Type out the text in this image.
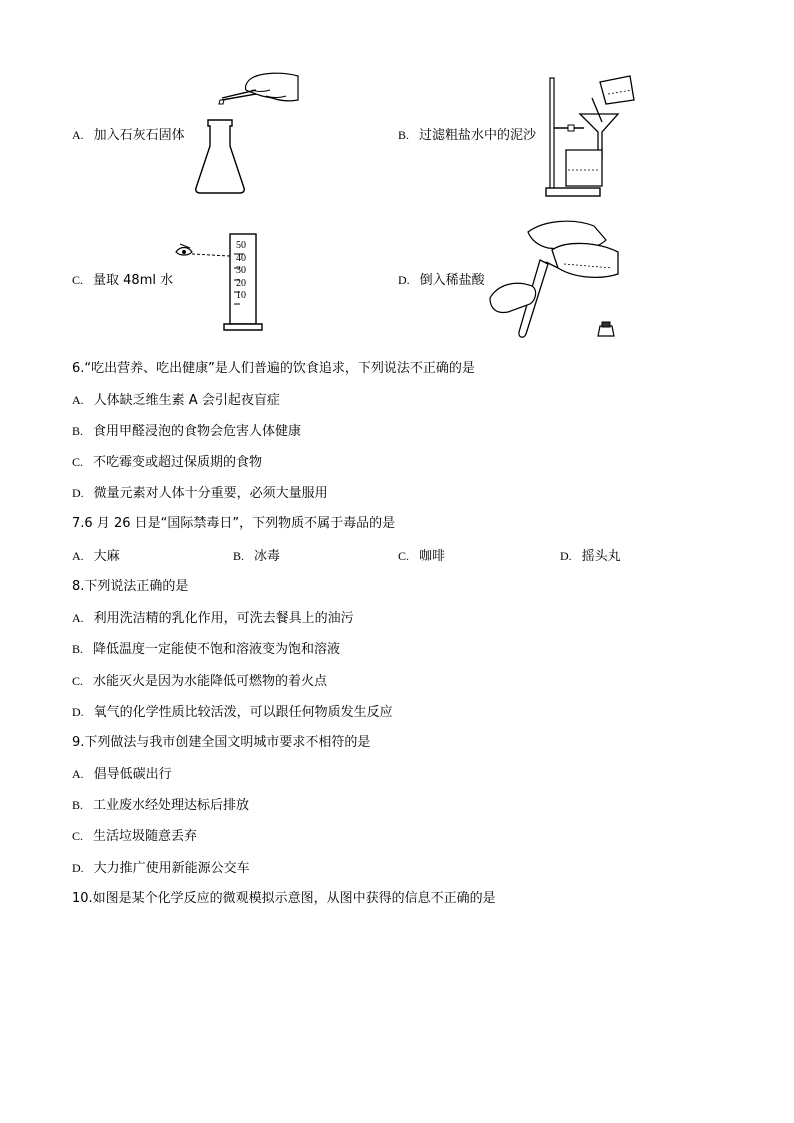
A. 加入石灰石固体	B. 过滤粗盐水中的泥沙
C. 量取 48ml 水
50
40
30
20
10
D. 倒入稀盐酸
6.“吃出营养、吃出健康”是人们普遍的饮食追求，下列说法不正确的是
A. 人体缺乏维生素 A 会引起夜盲症
B. 食用甲醛浸泡的食物会危害人体健康
C. 不吃霉变或超过保质期的食物
D. 微量元素对人体十分重要，必须大量服用
7.6 月 26 日是“国际禁毒日”，下列物质不属于毒品的是
A. 大麻	B. 冰毒	C. 咖啡	D. 摇头丸
8.下列说法正确的是
A. 利用洗洁精的乳化作用，可洗去餐具上的油污
B. 降低温度一定能使不饱和溶液变为饱和溶液
C. 水能灭火是因为水能降低可燃物的着火点
D. 氧气的化学性质比较活泼，可以跟任何物质发生反应
9.下列做法与我市创建全国文明城市要求不相符的是
A. 倡导低碳出行
B. 工业废水经处理达标后排放
C. 生活垃圾随意丢弃
D. 大力推广使用新能源公交车
10.如图是某个化学反应的微观模拟示意图，从图中获得的信息不正确的是
